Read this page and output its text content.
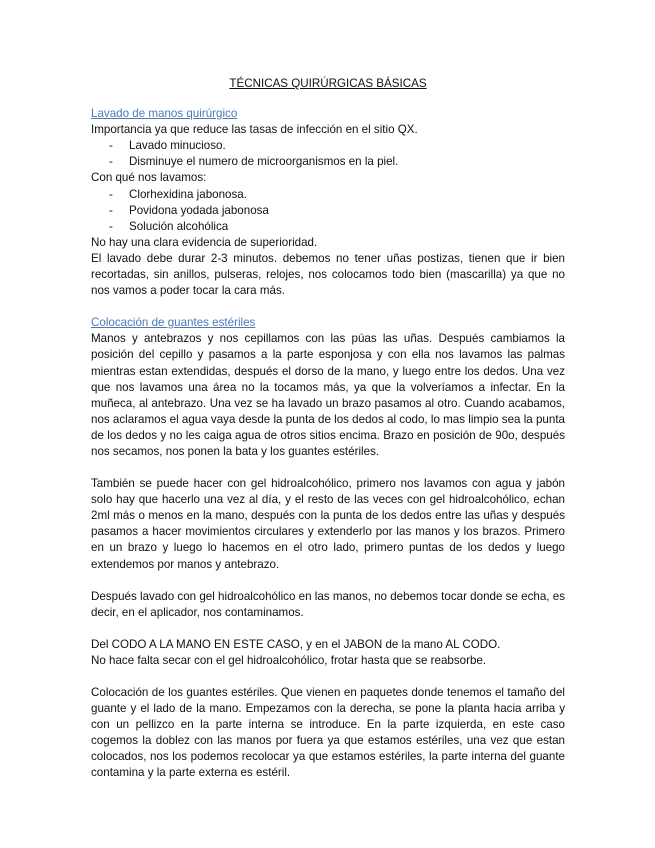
TÉCNICAS QUIRÚRGICAS BÁSICAS

Lavado de manos quirúrgico

Importancia ya que reduce las tasas de infección en el sitio QX.

- Lavado minucioso.
- Disminuye el numero de microorganismos en la piel.

Con qué nos lavamos:

- Clorhexidina jabonosa.
- Povidona yodada jabonosa
- Solución alcohólica

No hay una clara evidencia de superioridad.

El lavado debe durar 2-3 minutos. debemos no tener uñas postizas, tienen que ir bien recortadas, sin anillos, pulseras, relojes, nos colocamos todo bien (mascarilla) ya que no nos vamos a poder tocar la cara más.

Colocación de guantes estériles

Manos y antebrazos y nos cepillamos con las púas las uñas. Después cambiamos la posición del cepillo y pasamos a la parte esponjosa y con ella nos lavamos las palmas mientras estan extendidas, después el dorso de la mano, y luego entre los dedos. Una vez que nos lavamos una área no la tocamos más, ya que la volveríamos a infectar. En la muñeca, al antebrazo. Una vez se ha lavado un brazo pasamos al otro. Cuando acabamos, nos aclaramos el agua vaya desde la punta de los dedos al codo, lo mas limpio sea la punta de los dedos y no les caiga agua de otros sitios encima. Brazo en posición de 90o, después nos secamos, nos ponen la bata y los guantes estériles.

También se puede hacer con gel hidroalcohólico, primero nos lavamos con agua y jabón solo hay que hacerlo una vez al día, y el resto de las veces con gel hidroalcohólico, echan 2ml más o menos en la mano, después con la punta de los dedos entre las uñas y después pasamos a hacer movimientos circulares y extenderlo por las manos y los brazos. Primero en un brazo y luego lo hacemos en el otro lado, primero puntas de los dedos y luego extendemos por manos y antebrazo.

Después lavado con gel hidroalcohólico en las manos, no debemos tocar donde se echa, es decir, en el aplicador, nos contaminamos.

Del CODO A LA MANO EN ESTE CASO, y en el JABON de la mano AL CODO.

No hace falta secar con el gel hidroalcohólico, frotar hasta que se reabsorbe.

Colocación de los guantes estériles. Que vienen en paquetes donde tenemos el tamaño del guante y el lado de la mano. Empezamos con la derecha, se pone la planta hacia arriba y con un pellizco en la parte interna se introduce. En la parte izquierda, en este caso cogemos la doblez con las manos por fuera ya que estamos estériles, una vez que estan colocados, nos los podemos recolocar ya que estamos estériles, la parte interna del guante contamina y la parte externa es estéril.
